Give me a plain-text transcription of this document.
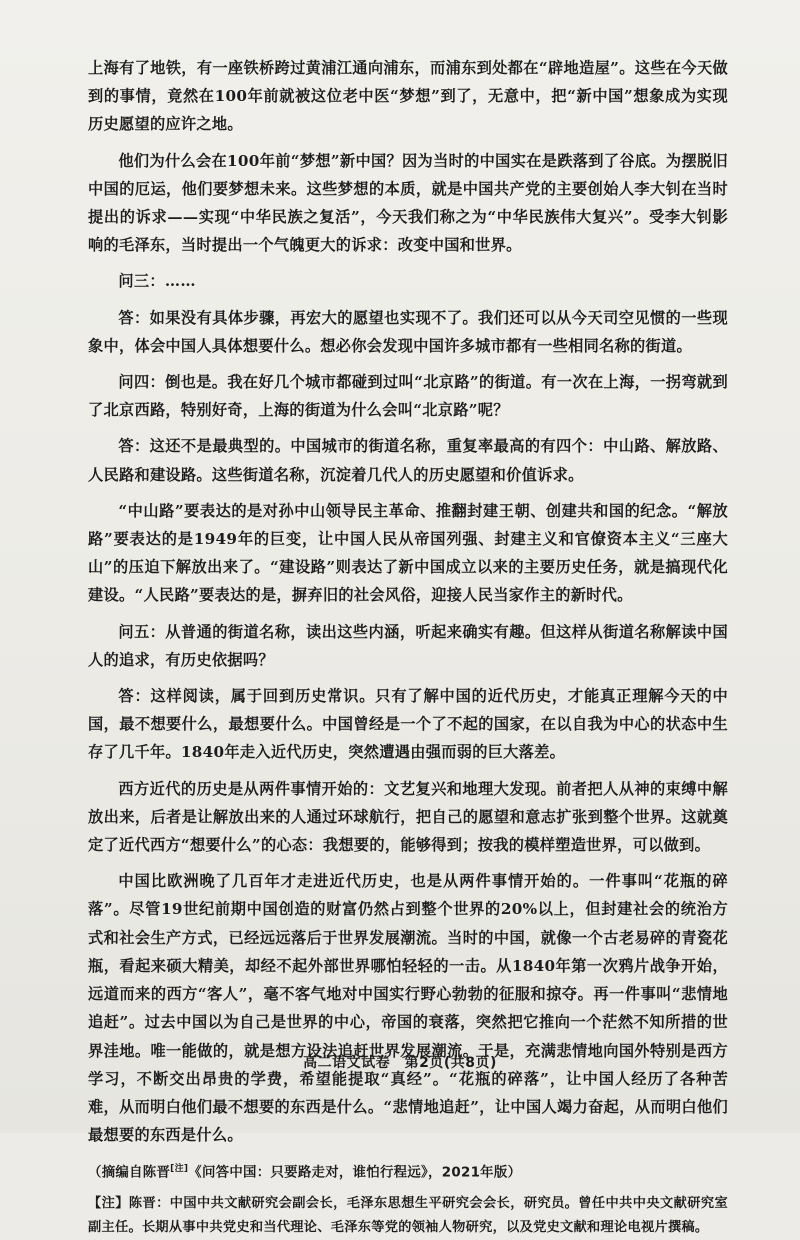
上海有了地铁，有一座铁桥跨过黄浦江通向浦东，而浦东到处都在“辟地造屋”。这些在今天做到的事情，竟然在100年前就被这位老中医“梦想”到了，无意中，把“新中国”想象成为实现历史愿望的应许之地。

他们为什么会在100年前“梦想”新中国？因为当时的中国实在是跌落到了谷底。为摆脱旧中国的厄运，他们要梦想未来。这些梦想的本质，就是中国共产党的主要创始人李大钊在当时提出的诉求——实现“中华民族之复活”，今天我们称之为“中华民族伟大复兴”。受李大钊影响的毛泽东，当时提出一个气魄更大的诉求：改变中国和世界。

问三：……

答：如果没有具体步骤，再宏大的愿望也实现不了。我们还可以从今天司空见惯的一些现象中，体会中国人具体想要什么。想必你会发现中国许多城市都有一些相同名称的街道。

问四：倒也是。我在好几个城市都碰到过叫“北京路”的街道。有一次在上海，一拐弯就到了北京西路，特别好奇，上海的街道为什么会叫“北京路”呢？

答：这还不是最典型的。中国城市的街道名称，重复率最高的有四个：中山路、解放路、人民路和建设路。这些街道名称，沉淀着几代人的历史愿望和价值诉求。

“中山路”要表达的是对孙中山领导民主革命、推翻封建王朝、创建共和国的纪念。“解放路”要表达的是1949年的巨变，让中国人民从帝国列强、封建主义和官僚资本主义“三座大山”的压迫下解放出来了。“建设路”则表达了新中国成立以来的主要历史任务，就是搞现代化建设。“人民路”要表达的是，摒弃旧的社会风俗，迎接人民当家作主的新时代。

问五：从普通的街道名称，读出这些内涵，听起来确实有趣。但这样从街道名称解读中国人的追求，有历史依据吗？

答：这样阅读，属于回到历史常识。只有了解中国的近代历史，才能真正理解今天的中国，最不想要什么，最想要什么。中国曾经是一个了不起的国家，在以自我为中心的状态中生存了几千年。1840年走入近代历史，突然遭遇由强而弱的巨大落差。

西方近代的历史是从两件事情开始的：文艺复兴和地理大发现。前者把人从神的束缚中解放出来，后者是让解放出来的人通过环球航行，把自己的愿望和意志扩张到整个世界。这就奠定了近代西方“想要什么”的心态：我想要的，能够得到；按我的模样塑造世界，可以做到。

中国比欧洲晚了几百年才走进近代历史，也是从两件事情开始的。一件事叫“花瓶的碎落”。尽管19世纪前期中国创造的财富仍然占到整个世界的20%以上，但封建社会的统治方式和社会生产方式，已经远远落后于世界发展潮流。当时的中国，就像一个古老易碎的青瓷花瓶，看起来硕大精美，却经不起外部世界哪怕轻轻的一击。从1840年第一次鸦片战争开始，远道而来的西方“客人”，毫不客气地对中国实行野心勃勃的征服和掠夺。再一件事叫“悲情地追赶”。过去中国以为自己是世界的中心，帝国的衰落，突然把它推向一个茫然不知所措的世界洼地。唯一能做的，就是想方设法追赶世界发展潮流。于是，充满悲情地向国外特别是西方学习，不断交出昂贵的学费，希望能提取“真经”。“花瓶的碎落”，让中国人经历了各种苦难，从而明白他们最不想要的东西是什么。“悲情地追赶”，让中国人竭力奋起，从而明白他们最想要的东西是什么。

（摘编自陈晋[注]《问答中国：只要路走对，谁怕行程远》，2021年版）

【注】陈晋：中国中共文献研究会副会长，毛泽东思想生平研究会会长，研究员。曾任中共中央文献研究室副主任。长期从事中共党史和当代理论、毛泽东等党的领袖人物研究，以及党史文献和理论电视片撰稿。

高二语文试卷　第2页(共8页)
